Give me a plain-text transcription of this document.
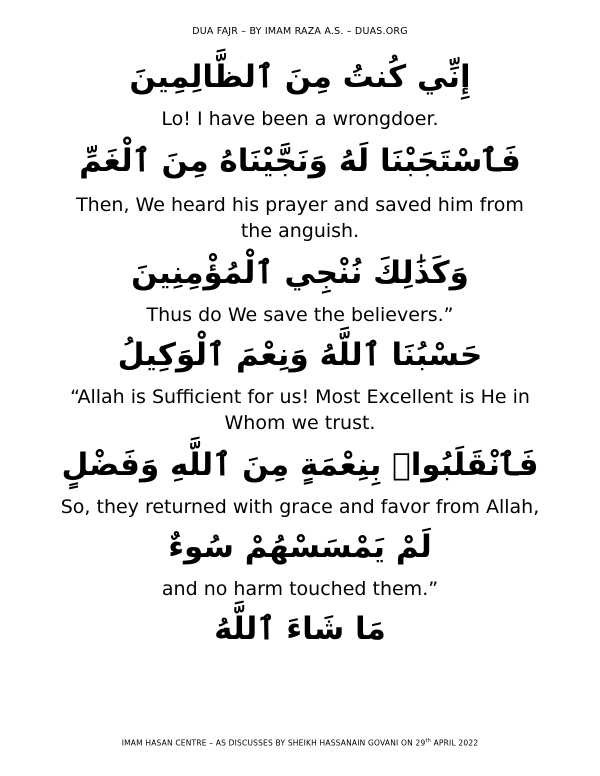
DUA FAJR – BY IMAM RAZA A.S. – DUAS.ORG

إِنِّي كُنتُ مِنَ ٱلظَّالِمِينَ

Lo! I have been a wrongdoer.

فَٱسْتَجَبْنَا لَهُ وَنَجَّيْنَاهُ مِنَ ٱلْغَمِّ

Then, We heard his prayer and saved him from the anguish.

وَكَذَٰلِكَ نُنْجِي ٱلْمُؤْمِنِينَ

Thus do We save the believers.”

حَسْبُنَا ٱللَّهُ وَنِعْمَ ٱلْوَكِيلُ

“Allah is Sufficient for us! Most Excellent is He in Whom we trust.

فَٱنْقَلَبُوا۟ بِنِعْمَةٍ مِنَ ٱللَّهِ وَفَضْلٍ

So, they returned with grace and favor from Allah,

لَمْ يَمْسَسْهُمْ سُوءٌ

and no harm touched them.”

مَا شَاءَ ٱللَّهُ

IMAM HASAN CENTRE – AS DISCUSSES BY SHEIKH HASSANAIN GOVANI ON 29th APRIL 2022
